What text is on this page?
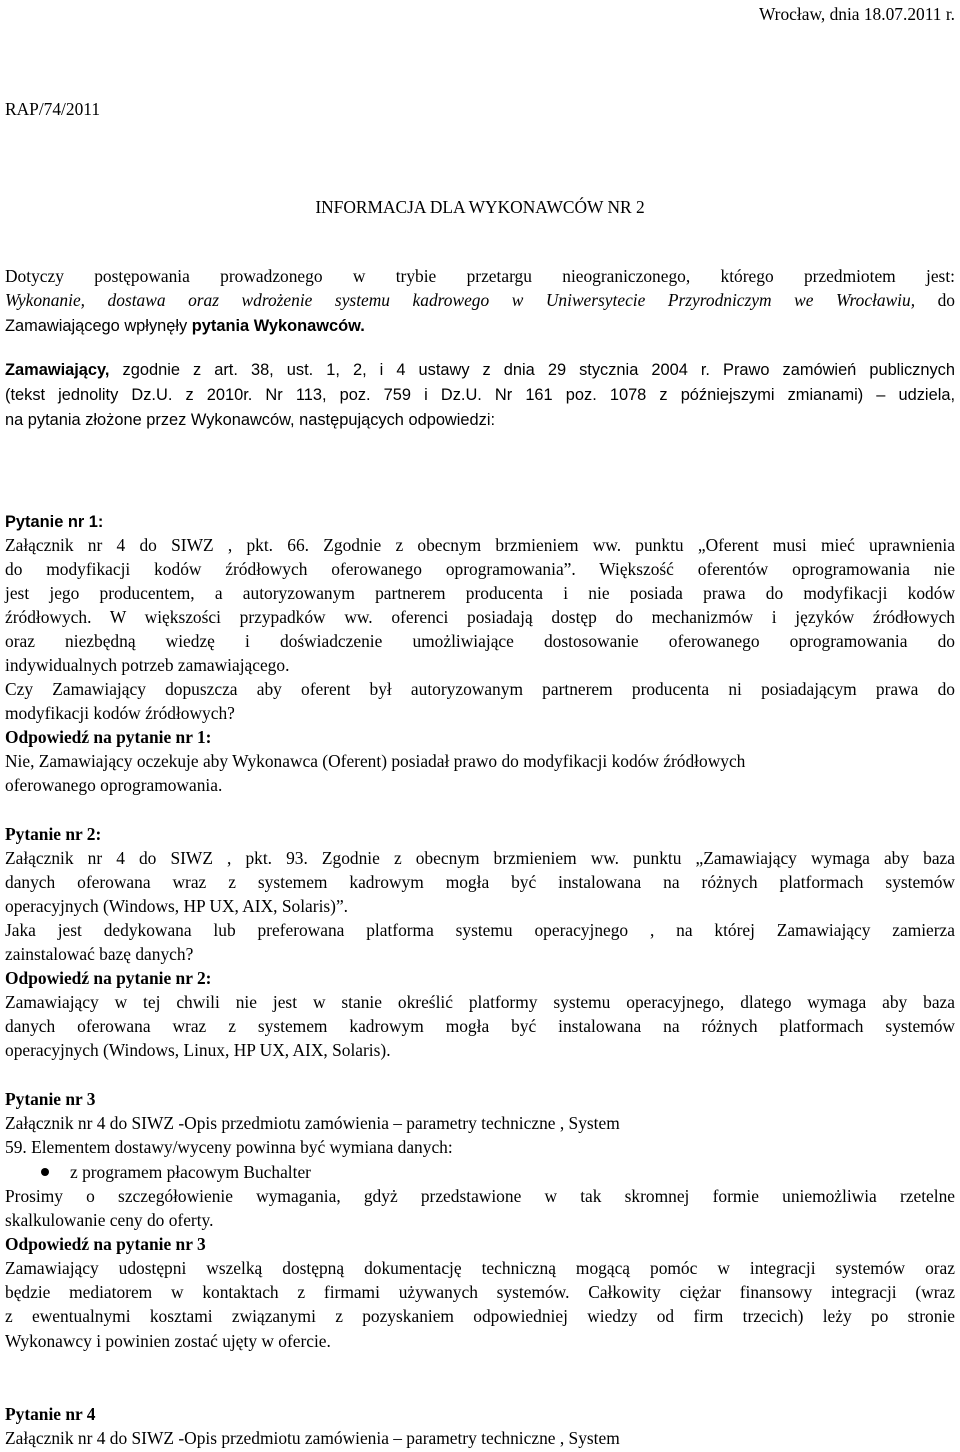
Wrocław, dnia 18.07.2011 r.
RAP/74/2011
INFORMACJA DLA WYKONAWCÓW NR 2
Dotyczy postępowania prowadzonego w trybie przetargu nieograniczonego, którego przedmiotem jest:
Wykonanie, dostawa oraz wdrożenie systemu kadrowego w Uniwersytecie Przyrodniczym we Wrocławiu, do
Zamawiającego wpłynęły pytania Wykonawców.
Zamawiający, zgodnie z art. 38, ust. 1, 2, i 4 ustawy z dnia 29 stycznia 2004 r. Prawo zamówień publicznych
(tekst jednolity Dz.U. z 2010r. Nr 113, poz. 759 i Dz.U. Nr 161 poz. 1078 z późniejszymi zmianami) – udziela,
na pytania złożone przez Wykonawców, następujących odpowiedzi:
Pytanie nr 1:
Załącznik nr 4 do SIWZ , pkt. 66. Zgodnie z obecnym brzmieniem ww. punktu „Oferent musi mieć uprawnienia
do modyfikacji kodów źródłowych oferowanego oprogramowania”. Większość oferentów oprogramowania nie
jest jego producentem, a autoryzowanym partnerem producenta i nie posiada prawa do modyfikacji kodów
źródłowych. W większości przypadków ww. oferenci posiadają dostęp do mechanizmów i języków źródłowych
oraz niezbędną wiedzę i doświadczenie umożliwiające dostosowanie oferowanego oprogramowania do
indywidualnych potrzeb zamawiającego.
Czy Zamawiający dopuszcza aby oferent był autoryzowanym partnerem producenta ni posiadającym prawa do
modyfikacji kodów źródłowych?
Odpowiedź na pytanie nr 1:
Nie, Zamawiający oczekuje aby Wykonawca (Oferent) posiadał prawo do modyfikacji kodów źródłowych
oferowanego oprogramowania.
Pytanie nr 2:
Załącznik nr 4 do SIWZ , pkt. 93. Zgodnie z obecnym brzmieniem ww. punktu „Zamawiający wymaga aby baza
danych oferowana wraz z systemem kadrowym mogła być instalowana na różnych platformach systemów
operacyjnych (Windows, HP UX, AIX, Solaris)”.
Jaka jest dedykowana lub preferowana platforma systemu operacyjnego , na której Zamawiający zamierza
zainstalować bazę danych?
Odpowiedź na pytanie nr 2:
Zamawiający w tej chwili nie jest w stanie określić platformy systemu operacyjnego, dlatego wymaga aby baza
danych oferowana wraz z systemem kadrowym mogła być instalowana na różnych platformach systemów
operacyjnych (Windows, Linux, HP UX, AIX, Solaris).
Pytanie nr 3
Załącznik nr 4 do SIWZ -Opis przedmiotu zamówienia – parametry techniczne , System
59. Elementem dostawy/wyceny powinna być wymiana danych:
z programem płacowym Buchalter
Prosimy o szczegółowienie wymagania, gdyż przedstawione w tak skromnej formie uniemożliwia rzetelne
skalkulowanie ceny do oferty.
Odpowiedź na pytanie nr 3
Zamawiający udostępni wszelką dostępną dokumentację techniczną mogącą pomóc w integracji systemów oraz
będzie mediatorem w kontaktach z firmami używanych systemów. Całkowity ciężar finansowy integracji (wraz
z ewentualnymi kosztami związanymi z pozyskaniem odpowiedniej wiedzy od firm trzecich) leży po stronie
Wykonawcy i powinien zostać ujęty w ofercie.
Pytanie nr 4
Załącznik nr 4 do SIWZ -Opis przedmiotu zamówienia – parametry techniczne , System
